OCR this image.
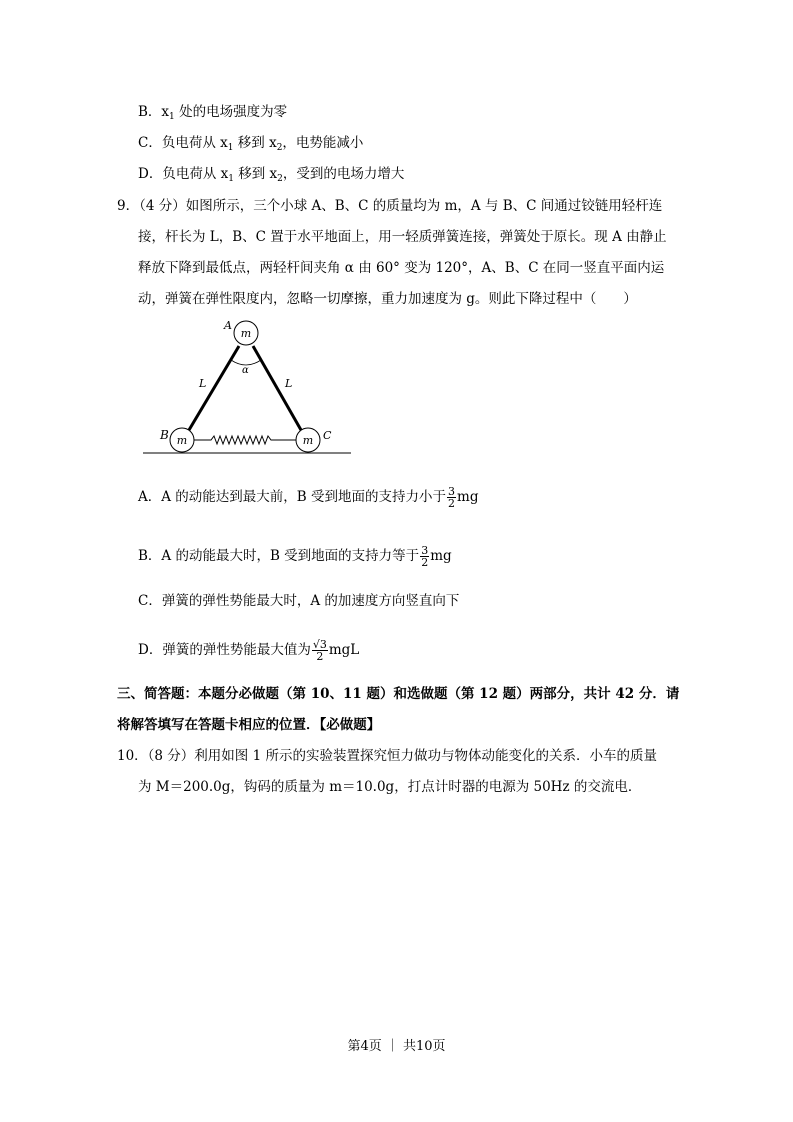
B．$x_1$ 处的电场强度为零
C．负电荷从 $x_1$ 移到 $x_2$，电势能减小
D．负电荷从 $x_1$ 移到 $x_2$，受到的电场力增大
9．（4 分）如图所示，三个小球 A、B、C 的质量均为 m，A 与 B、C 间通过铰链用轻杆连
接，杆长为 L，B、C 置于水平地面上，用一轻质弹簧连接，弹簧处于原长。现 A 由静止
释放下降到最低点，两轻杆间夹角 α 由 60° 变为 120°，A、B、C 在同一竖直平面内运
动，弹簧在弹性限度内，忽略一切摩擦，重力加速度为 g。则此下降过程中（　　）
m
m	m
A
B	C
L	L
α
A．A 的动能达到最大前，B 受到地面的支持力小于 $\frac{3}{2}$ mg
B．A 的动能最大时，B 受到地面的支持力等于 $\frac{3}{2}$ mg
C．弹簧的弹性势能最大时，A 的加速度方向竖直向下
D．弹簧的弹性势能最大值为 $\frac{√3}{2}$ mgL
三、简答题：本题分必做题（第 10、11 题）和选做题（第 12 题）两部分，共计 42 分．请
将解答填写在答题卡相应的位置．【必做题】
10．（8 分）利用如图 1 所示的实验装置探究恒力做功与物体动能变化的关系．小车的质量
为 M＝200.0g，钩码的质量为 m＝10.0g，打点计时器的电源为 50Hz 的交流电．
第4页 ｜ 共10页
